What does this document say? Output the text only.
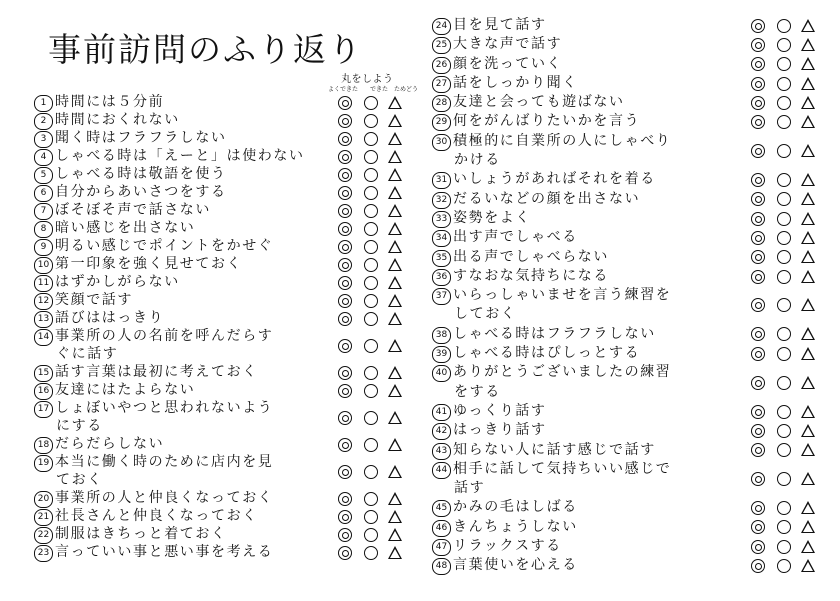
事前訪問のふり返り
丸をしよう
よくできた できた ためどう
1 時間には５分前
2 時間におくれない
3 聞く時はフラフラしない
4 しゃべる時は「えーと」は使わない
5 しゃべる時は敬語を使う
6 自分からあいさつをする
7 ぼそぼそ声で話さない
8 暗い感じを出さない
9 明るい感じでポイントをかせぐ
10 第一印象を強く見せておく
11 はずかしがらない
12 笑顔で話す
13 語びははっきり
14 事業所の人の名前を呼んだらす
ぐに話す
15 話す言葉は最初に考えておく
16 友達にはたよらない
17 しょぼいやつと思われないよう
にする
18 だらだらしない
19 本当に働く時のために店内を見
ておく
20 事業所の人と仲良くなっておく
21 社長さんと仲良くなっておく
22 制服はきちっと着ておく
23 言っていい事と悪い事を考える
24 目を見て話す
25 大きな声で話す
26 顔を洗っていく
27 話をしっかり聞く
28 友達と会っても遊ばない
29 何をがんばりたいかを言う
30 積極的に自業所の人にしゃべり
かける
31 いしょうがあればそれを着る
32 だるいなどの顔を出さない
33 姿勢をよく
34 出す声でしゃべる
35 出る声でしゃべらない
36 すなおな気持ちになる
37 いらっしゃいませを言う練習を
しておく
38 しゃべる時はフラフラしない
39 しゃべる時はぴしっとする
40 ありがとうございましたの練習
をする
41 ゆっくり話す
42 はっきり話す
43 知らない人に話す感じで話す
44 相手に話して気持ちいい感じで
話す
45 かみの毛はしばる
46 きんちょうしない
47 リラックスする
48 言葉使いを心える
